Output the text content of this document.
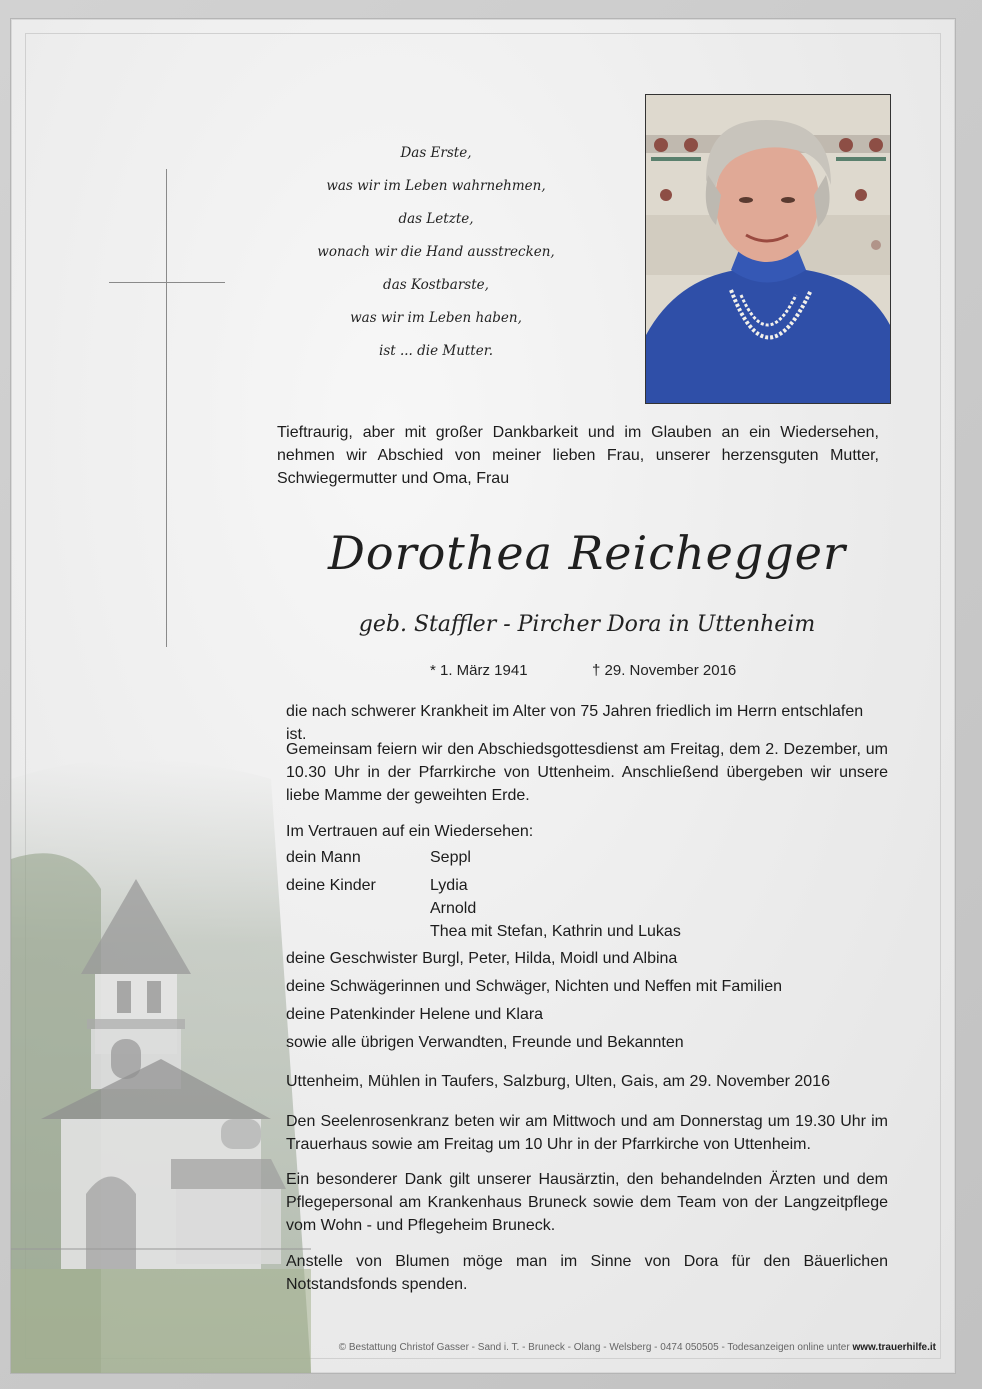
Das Erste,
was wir im Leben wahrnehmen,
das Letzte,
wonach wir die Hand ausstrecken,
das Kostbarste,
was wir im Leben haben,
ist ... die Mutter.
Tieftraurig, aber mit großer Dankbarkeit und im Glauben an ein Wiedersehen, nehmen wir Abschied von meiner lieben Frau, unserer herzensguten Mutter, Schwiegermutter und Oma, Frau
Dorothea Reichegger
geb. Staffler - Pircher Dora in Uttenheim
* 1. März 1941	† 29. November 2016
die nach schwerer Krankheit im Alter von 75 Jahren friedlich im Herrn entschlafen ist.
Gemeinsam feiern wir den Abschiedsgottesdienst am Freitag, dem 2. Dezember, um 10.30 Uhr in der Pfarrkirche von Uttenheim. Anschließend übergeben wir unsere liebe Mamme der geweihten Erde.
Im Vertrauen auf ein Wiedersehen:
dein Mann	Seppl
deine Kinder	Lydia
Arnold
Thea mit Stefan, Kathrin und Lukas
deine Geschwister Burgl, Peter, Hilda, Moidl und Albina
deine Schwägerinnen und Schwäger, Nichten und Neffen mit Familien
deine Patenkinder Helene und Klara
sowie alle übrigen Verwandten, Freunde und Bekannten
Uttenheim, Mühlen in Taufers, Salzburg, Ulten, Gais, am 29. November 2016
Den Seelenrosenkranz beten wir am Mittwoch und am Donnerstag um 19.30 Uhr im Trauerhaus sowie am Freitag um 10 Uhr in der Pfarrkirche von Uttenheim.
Ein besonderer Dank gilt unserer Hausärztin, den behandelnden Ärzten und dem Pflegepersonal am Krankenhaus Bruneck sowie dem Team von der Langzeitpflege vom Wohn - und Pflegeheim Bruneck.
Anstelle von Blumen möge man im Sinne von Dora für den Bäuerlichen Notstandsfonds spenden.
© Bestattung Christof Gasser - Sand i. T. - Bruneck - Olang - Welsberg - 0474 050505 - Todesanzeigen online unter www.trauerhilfe.it
